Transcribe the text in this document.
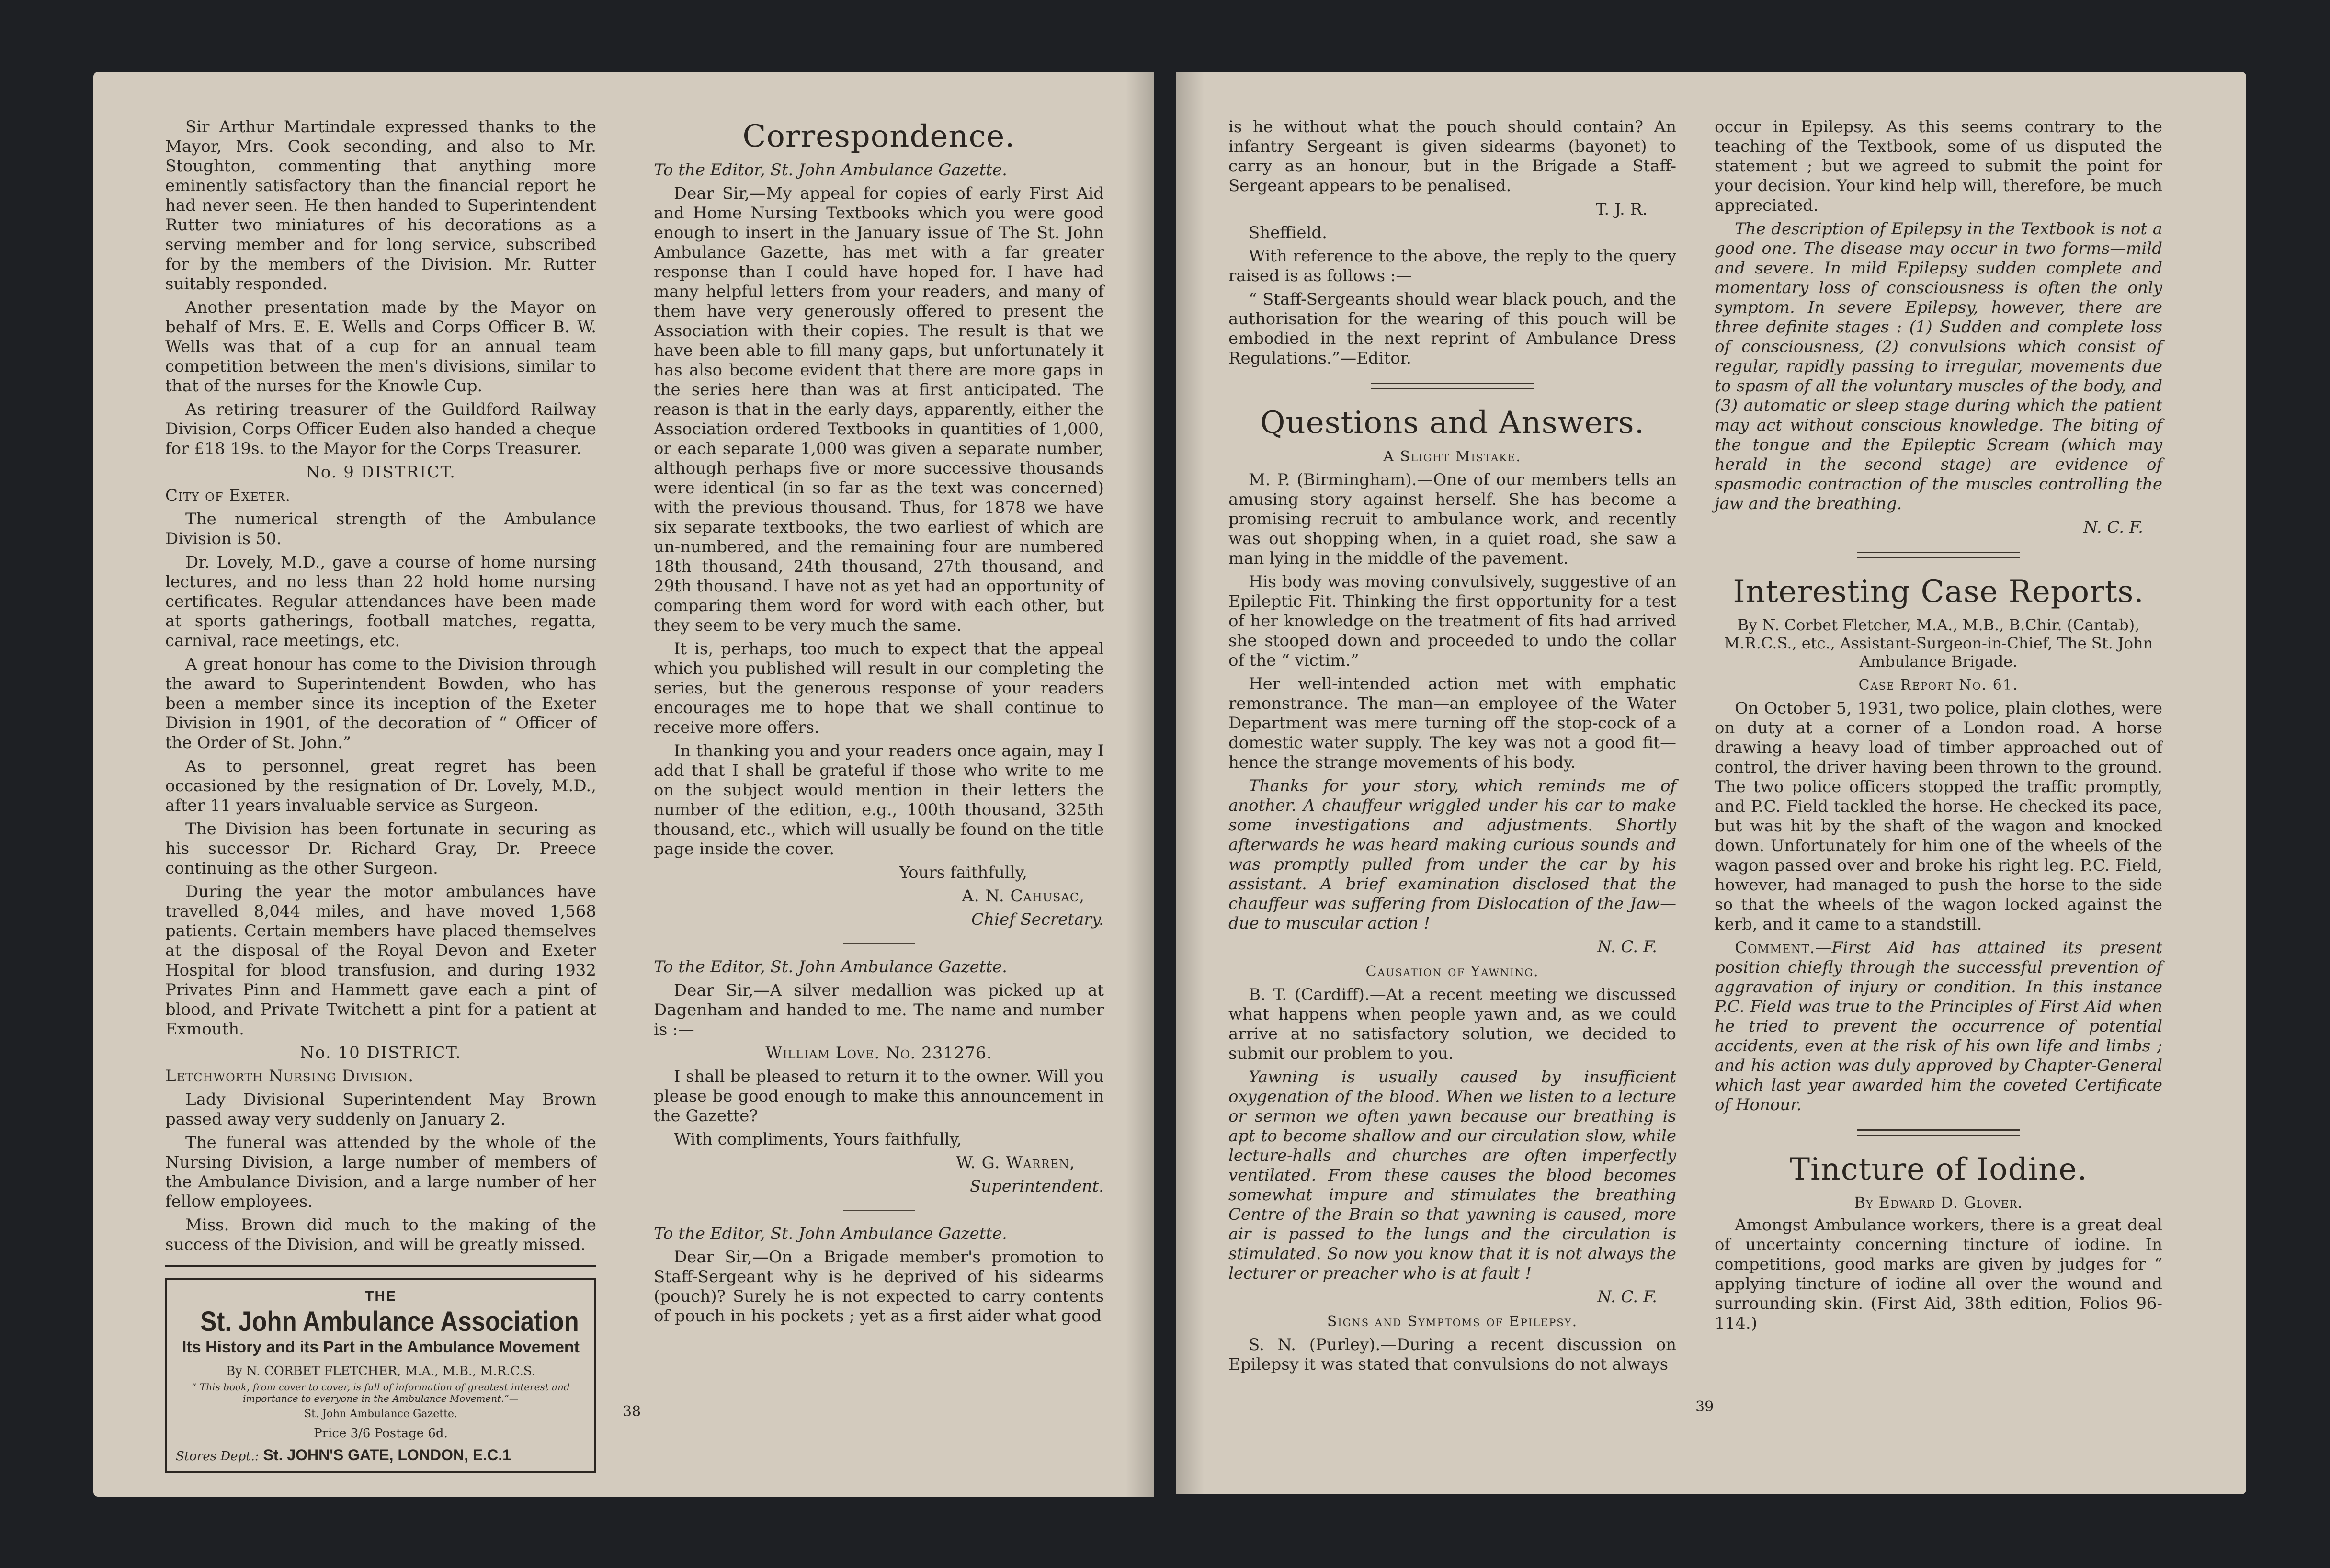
Sir Arthur Martindale expressed thanks to the Mayor, Mrs. Cook seconding, and also to Mr. Stoughton, commenting that anything more eminently satisfactory than the financial report he had never seen. He then handed to Superintendent Rutter two miniatures of his decorations as a serving member and for long service, subscribed for by the members of the Division. Mr. Rutter suitably responded.

Another presentation made by the Mayor on behalf of Mrs. E. E. Wells and Corps Officer B. W. Wells was that of a cup for an annual team competition between the men's divisions, similar to that of the nurses for the Knowle Cup.

As retiring treasurer of the Guildford Railway Division, Corps Officer Euden also handed a cheque for £18 19s. to the Mayor for the Corps Treasurer.

No. 9 DISTRICT.

City of Exeter.

The numerical strength of the Ambulance Division is 50.

Dr. Lovely, M.D., gave a course of home nursing lectures, and no less than 22 hold home nursing certificates. Regular attendances have been made at sports gatherings, football matches, regatta, carnival, race meetings, etc.

A great honour has come to the Division through the award to Superintendent Bowden, who has been a member since its inception of the Exeter Division in 1901, of the decoration of “ Officer of the Order of St. John.”

As to personnel, great regret has been occasioned by the resignation of Dr. Lovely, M.D., after 11 years invaluable service as Surgeon.

The Division has been fortunate in securing as his successor Dr. Richard Gray, Dr. Preece continuing as the other Surgeon.

During the year the motor ambulances have travelled 8,044 miles, and have moved 1,568 patients. Certain members have placed themselves at the disposal of the Royal Devon and Exeter Hospital for blood transfusion, and during 1932 Privates Pinn and Hammett gave each a pint of blood, and Private Twitchett a pint for a patient at Exmouth.

No. 10 DISTRICT.

Letchworth Nursing Division.

Lady Divisional Superintendent May Brown passed away very suddenly on January 2.

The funeral was attended by the whole of the Nursing Division, a large number of members of the Ambulance Division, and a large number of her fellow employees.

Miss. Brown did much to the making of the success of the Division, and will be greatly missed.

THE
St. John Ambulance Association
Its History and its Part in the Ambulance Movement
By N. CORBET FLETCHER, M.A., M.B., M.R.C.S.
“ This book, from cover to cover, is full of information of greatest interest and importance to everyone in the Ambulance Movement.”—
St. John Ambulance Gazette.
Price 3/6 Postage 6d.
Stores Dept.: St. JOHN'S GATE, LONDON, E.C.1
Correspondence.

To the Editor, St. John Ambulance Gazette.

Dear Sir,—My appeal for copies of early First Aid and Home Nursing Textbooks which you were good enough to insert in the January issue of The St. John Ambulance Gazette, has met with a far greater response than I could have hoped for. I have had many helpful letters from your readers, and many of them have very generously offered to present the Association with their copies. The result is that we have been able to fill many gaps, but unfortunately it has also become evident that there are more gaps in the series here than was at first anticipated. The reason is that in the early days, apparently, either the Association ordered Textbooks in quantities of 1,000, or each separate 1,000 was given a separate number, although perhaps five or more successive thousands were identical (in so far as the text was concerned) with the previous thousand. Thus, for 1878 we have six separate textbooks, the two earliest of which are un-numbered, and the remaining four are numbered 18th thousand, 24th thousand, 27th thousand, and 29th thousand. I have not as yet had an opportunity of comparing them word for word with each other, but they seem to be very much the same.

It is, perhaps, too much to expect that the appeal which you published will result in our completing the series, but the generous response of your readers encourages me to hope that we shall continue to receive more offers.

In thanking you and your readers once again, may I add that I shall be grateful if those who write to me on the subject would mention in their letters the number of the edition, e.g., 100th thousand, 325th thousand, etc., which will usually be found on the title page inside the cover.

Yours faithfully,

A. N. Cahusac,

Chief Secretary.

To the Editor, St. John Ambulance Gazette.

Dear Sir,—A silver medallion was picked up at Dagenham and handed to me. The name and number is :—

William Love. No. 231276.

I shall be pleased to return it to the owner. Will you please be good enough to make this announcement in the Gazette?

With compliments, Yours faithfully,

W. G. Warren,

Superintendent.

To the Editor, St. John Ambulance Gazette.

Dear Sir,—On a Brigade member's promotion to Staff-Sergeant why is he deprived of his sidearms (pouch)? Surely he is not expected to carry contents of pouch in his pockets ; yet as a first aider what good

38

is he without what the pouch should contain? An infantry Sergeant is given sidearms (bayonet) to carry as an honour, but in the Brigade a Staff-Sergeant appears to be penalised.

T. J. R.

Sheffield.

With reference to the above, the reply to the query raised is as follows :—

“ Staff-Sergeants should wear black pouch, and the authorisation for the wearing of this pouch will be embodied in the next reprint of Ambulance Dress Regulations.”—Editor.

Questions and Answers.
A Slight Mistake.

M. P. (Birmingham).—One of our members tells an amusing story against herself. She has become a promising recruit to ambulance work, and recently was out shopping when, in a quiet road, she saw a man lying in the middle of the pavement.

His body was moving convulsively, suggestive of an Epileptic Fit. Thinking the first opportunity for a test of her knowledge on the treatment of fits had arrived she stooped down and proceeded to undo the collar of the “ victim.”

Her well-intended action met with emphatic remonstrance. The man—an employee of the Water Department was mere turning off the stop-cock of a domestic water supply. The key was not a good fit—hence the strange movements of his body.

Thanks for your story, which reminds me of another. A chauffeur wriggled under his car to make some investigations and adjustments. Shortly afterwards he was heard making curious sounds and was promptly pulled from under the car by his assistant. A brief examination disclosed that the chauffeur was suffering from Dislocation of the Jaw—due to muscular action !

N. C. F.

Causation of Yawning.

B. T. (Cardiff).—At a recent meeting we discussed what happens when people yawn and, as we could arrive at no satisfactory solution, we decided to submit our problem to you.

Yawning is usually caused by insufficient oxygenation of the blood. When we listen to a lecture or sermon we often yawn because our breathing is apt to become shallow and our circulation slow, while lecture-halls and churches are often imperfectly ventilated. From these causes the blood becomes somewhat impure and stimulates the breathing Centre of the Brain so that yawning is caused, more air is passed to the lungs and the circulation is stimulated. So now you know that it is not always the lecturer or preacher who is at fault !

N. C. F.

Signs and Symptoms of Epilepsy.

S. N. (Purley).—During a recent discussion on Epilepsy it was stated that convulsions do not always

occur in Epilepsy. As this seems contrary to the teaching of the Textbook, some of us disputed the statement ; but we agreed to submit the point for your decision. Your kind help will, therefore, be much appreciated.

The description of Epilepsy in the Textbook is not a good one. The disease may occur in two forms—mild and severe. In mild Epilepsy sudden complete and momentary loss of consciousness is often the only symptom. In severe Epilepsy, however, there are three definite stages : (1) Sudden and complete loss of consciousness, (2) convulsions which consist of regular, rapidly passing to irregular, movements due to spasm of all the voluntary muscles of the body, and (3) automatic or sleep stage during which the patient may act without conscious knowledge. The biting of the tongue and the Epileptic Scream (which may herald in the second stage) are evidence of spasmodic contraction of the muscles controlling the jaw and the breathing.

N. C. F.

Interesting Case Reports.

By N. Corbet Fletcher, M.A., M.B., B.Chir. (Cantab), M.R.C.S., etc., Assistant-Surgeon-in-Chief, The St. John Ambulance Brigade.

Case Report No. 61.

On October 5, 1931, two police, plain clothes, were on duty at a corner of a London road. A horse drawing a heavy load of timber approached out of control, the driver having been thrown to the ground. The two police officers stopped the traffic promptly, and P.C. Field tackled the horse. He checked its pace, but was hit by the shaft of the wagon and knocked down. Unfortunately for him one of the wheels of the wagon passed over and broke his right leg. P.C. Field, however, had managed to push the horse to the side so that the wheels of the wagon locked against the kerb, and it came to a standstill.

Comment.—First Aid has attained its present position chiefly through the successful prevention of aggravation of injury or condition. In this instance P.C. Field was true to the Principles of First Aid when he tried to prevent the occurrence of potential accidents, even at the risk of his own life and limbs ; and his action was duly approved by Chapter-General which last year awarded him the coveted Certificate of Honour.

Tincture of Iodine.

By Edward D. Glover.

Amongst Ambulance workers, there is a great deal of uncertainty concerning tincture of iodine. In competitions, good marks are given by judges for “ applying tincture of iodine all over the wound and surrounding skin. (First Aid, 38th edition, Folios 96-114.)

39
